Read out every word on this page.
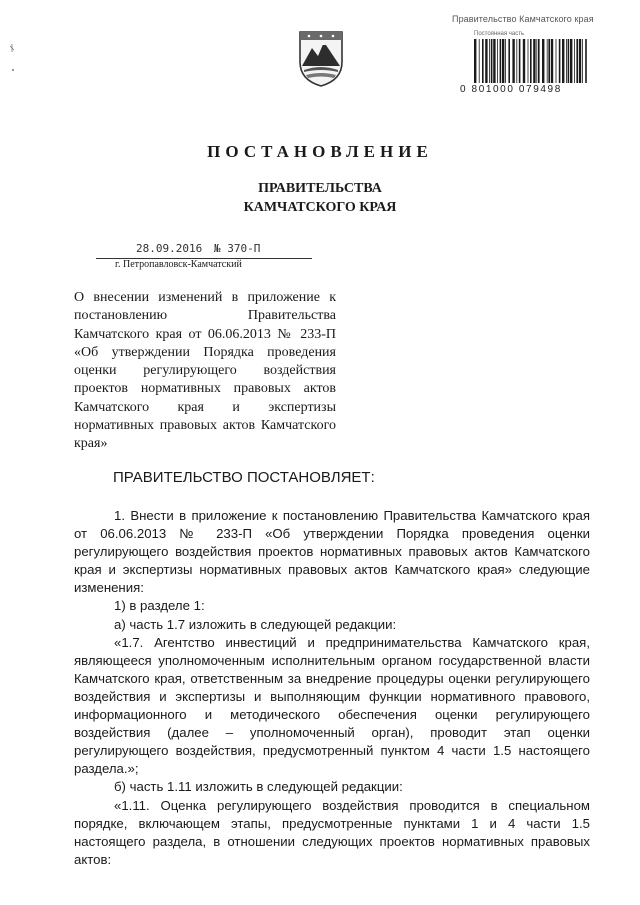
Правительство Камчатского края
Постоянная часть
0 801000 079498
ПОСТАНОВЛЕНИЕ
ПРАВИТЕЛЬСТВА
КАМЧАТСКОГО КРАЯ
28.09.2016 № 370-П
г. Петропавловск-Камчатский
О внесении изменений в приложение к постановлению Правительства Камчатского края от 06.06.2013 № 233-П «Об утверждении Порядка проведения оценки регулирующего воздействия проектов нормативных правовых актов Камчатского края и экспертизы нормативных правовых актов Камчатского края»
ПРАВИТЕЛЬСТВО ПОСТАНОВЛЯЕТ:

1. Внести в приложение к постановлению Правительства Камчатского края от 06.06.2013 № 233-П «Об утверждении Порядка проведения оценки регулирующего воздействия проектов нормативных правовых актов Камчатского края и экспертизы нормативных правовых актов Камчатского края» следующие изменения:

1) в разделе 1:

а) часть 1.7 изложить в следующей редакции:

«1.7. Агентство инвестиций и предпринимательства Камчатского края, являющееся уполномоченным исполнительным органом государственной власти Камчатского края, ответственным за внедрение процедуры оценки регулирующего воздействия и экспертизы и выполняющим функции нормативного правового, информационного и методического обеспечения оценки регулирующего воздействия (далее – уполномоченный орган), проводит этап оценки регулирующего воздействия, предусмотренный пунктом 4 части 1.5 настоящего раздела.»;

б) часть 1.11 изложить в следующей редакции:

«1.11. Оценка регулирующего воздействия проводится в специальном порядке, включающем этапы, предусмотренные пунктами 1 и 4 части 1.5 настоящего раздела, в отношении следующих проектов нормативных правовых актов:
